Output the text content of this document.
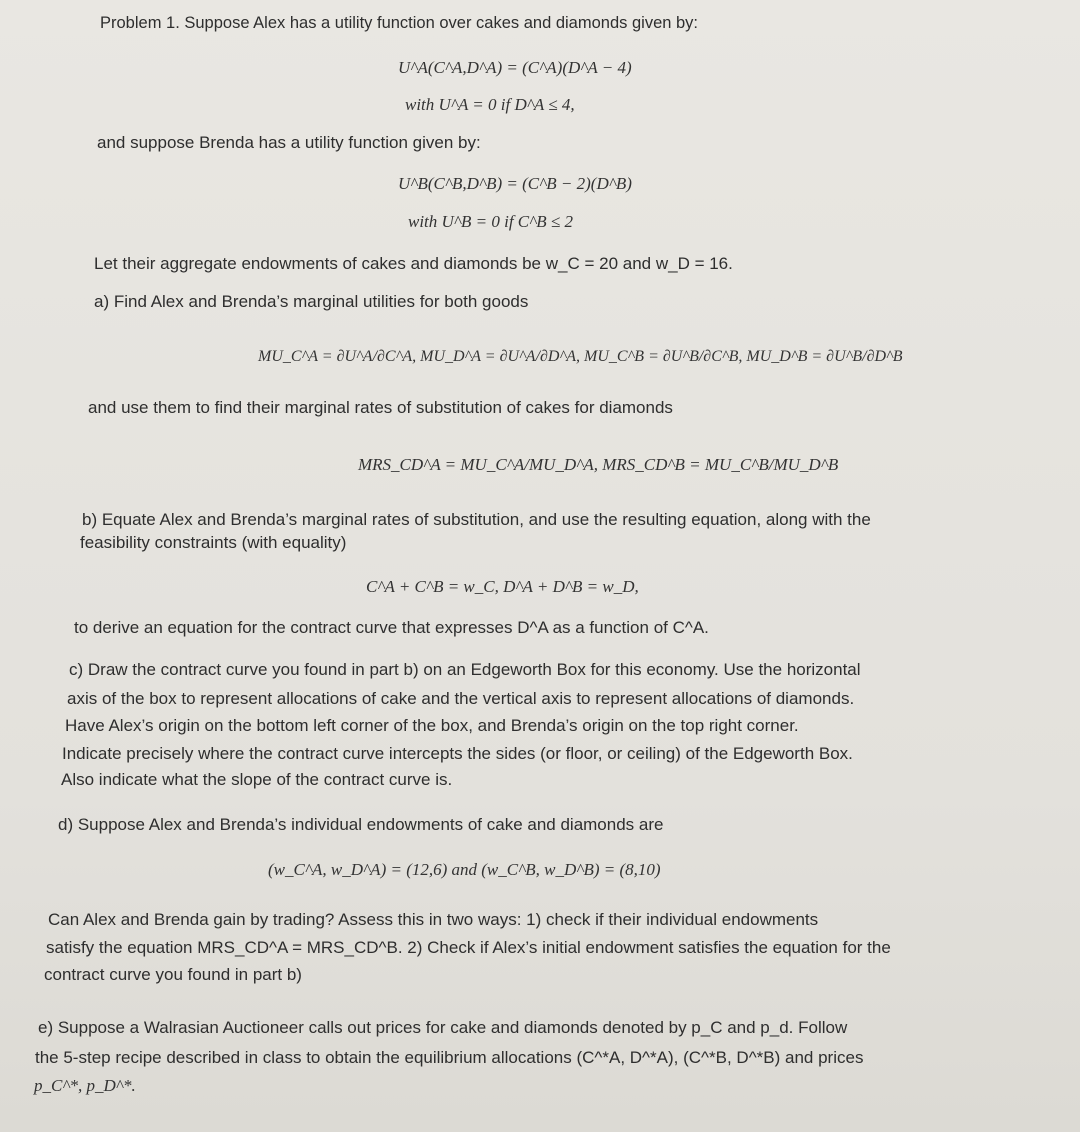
Problem 1. Suppose Alex has a utility function over cakes and diamonds given by:
U^A(C^A,D^A) = (C^A)(D^A − 4)
with U^A = 0 if D^A ≤ 4,
and suppose Brenda has a utility function given by:
U^B(C^B,D^B) = (C^B − 2)(D^B)
with U^B = 0 if C^B ≤ 2
Let their aggregate endowments of cakes and diamonds be w_C = 20 and w_D = 16.
a) Find Alex and Brenda’s marginal utilities for both goods
MU_C^A = ∂U^A/∂C^A, MU_D^A = ∂U^A/∂D^A, MU_C^B = ∂U^B/∂C^B, MU_D^B = ∂U^B/∂D^B
and use them to find their marginal rates of substitution of cakes for diamonds
MRS_CD^A = MU_C^A/MU_D^A, MRS_CD^B = MU_C^B/MU_D^B
b) Equate Alex and Brenda’s marginal rates of substitution, and use the resulting equation, along with the
feasibility constraints (with equality)
C^A + C^B = w_C, D^A + D^B = w_D,
to derive an equation for the contract curve that expresses D^A as a function of C^A.
c) Draw the contract curve you found in part b) on an Edgeworth Box for this economy. Use the horizontal
axis of the box to represent allocations of cake and the vertical axis to represent allocations of diamonds.
Have Alex’s origin on the bottom left corner of the box, and Brenda’s origin on the top right corner.
Indicate precisely where the contract curve intercepts the sides (or floor, or ceiling) of the Edgeworth Box.
Also indicate what the slope of the contract curve is.
d) Suppose Alex and Brenda’s individual endowments of cake and diamonds are
(w_C^A, w_D^A) = (12,6) and (w_C^B, w_D^B) = (8,10)
Can Alex and Brenda gain by trading? Assess this in two ways: 1) check if their individual endowments
satisfy the equation MRS_CD^A = MRS_CD^B. 2) Check if Alex’s initial endowment satisfies the equation for the
contract curve you found in part b)
e) Suppose a Walrasian Auctioneer calls out prices for cake and diamonds denoted by p_C and p_d. Follow
the 5-step recipe described in class to obtain the equilibrium allocations (C^*A, D^*A), (C^*B, D^*B) and prices
p_C^*, p_D^*.
